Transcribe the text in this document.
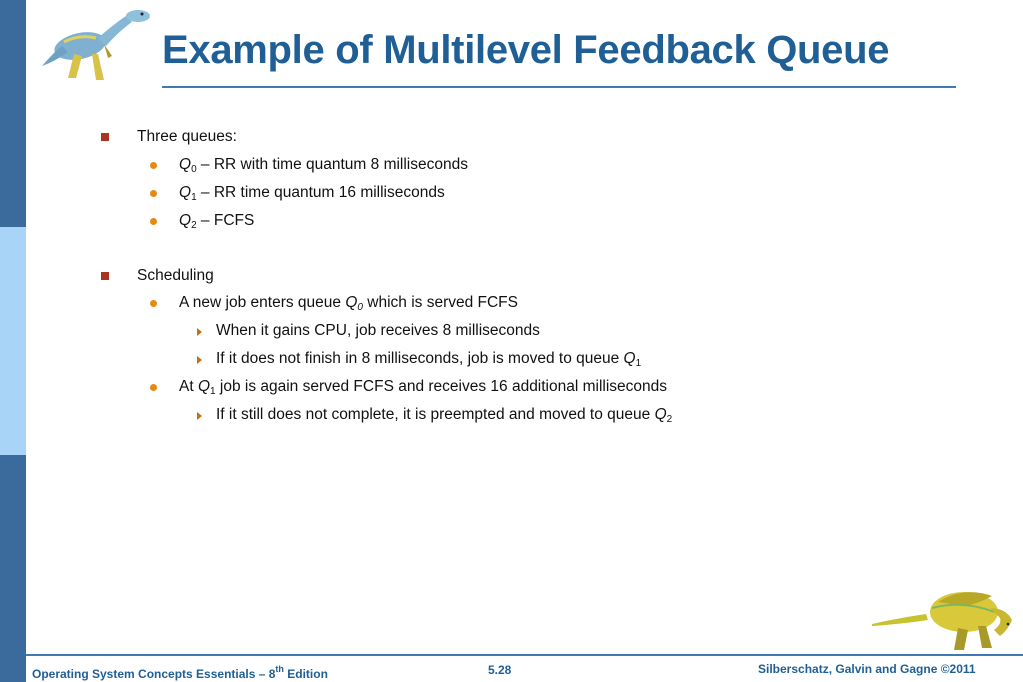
Example of Multilevel Feedback Queue
Three queues:
$Q_0$ – RR with time quantum 8 milliseconds
$Q_1$ – RR time quantum 16 milliseconds
$Q_2$ – FCFS
Scheduling
A new job enters queue $Q_0$ which is served FCFS
When it gains CPU, job receives 8 milliseconds
If it does not finish in 8 milliseconds, job is moved to queue $Q_1$
At $Q_1$ job is again served FCFS and receives 16 additional milliseconds
If it still does not complete, it is preempted and moved to queue $Q_2$
Operating System Concepts Essentials – 8th Edition	5.28	Silberschatz, Galvin and Gagne ©2011
